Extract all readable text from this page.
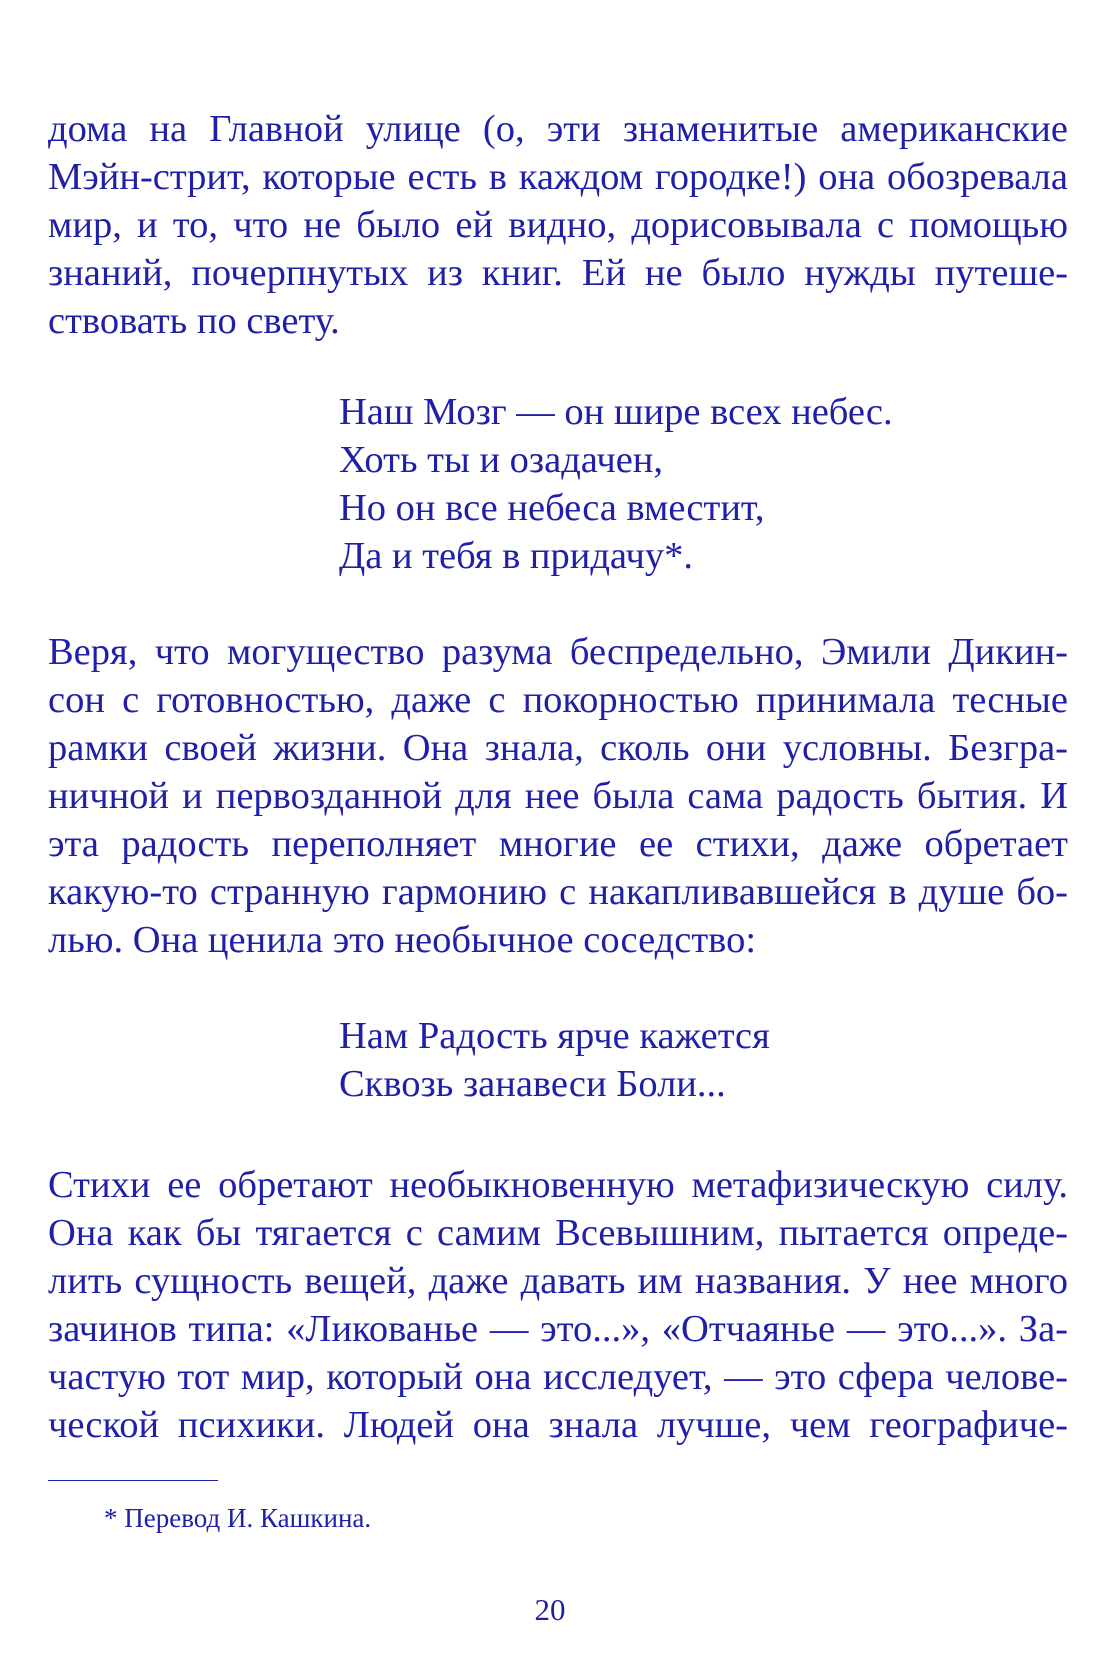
дома на Главной улице (о, эти знаменитые американские
Мэйн-стрит, которые есть в каждом городке!) она обозревала
мир, и то, что не было ей видно, дорисовывала с помощью
знаний, почерпнутых из книг. Ей не было нужды путеше-
ствовать по свету.
Наш Мозг — он шире всех небес.
Хоть ты и озадачен,
Но он все небеса вместит,
Да и тебя в придачу*.
Веря, что могущество разума беспредельно, Эмили Дикин-
сон с готовностью, даже с покорностью принимала тесные
рамки своей жизни. Она знала, сколь они условны. Безгра-
ничной и первозданной для нее была сама радость бытия. И
эта радость переполняет многие ее стихи, даже обретает
какую-то странную гармонию с накапливавшейся в душе бо-
лью. Она ценила это необычное соседство:
Нам Радость ярче кажется
Сквозь занавеси Боли...
Стихи ее обретают необыкновенную метафизическую силу.
Она как бы тягается с самим Всевышним, пытается опреде-
лить сущность вещей, даже давать им названия. У нее много
зачинов типа: «Ликованье — это...», «Отчаянье — это...». За-
частую тот мир, который она исследует, — это сфера челове-
ческой психики. Людей она знала лучше, чем географиче-
* Перевод И. Кашкина.
20
